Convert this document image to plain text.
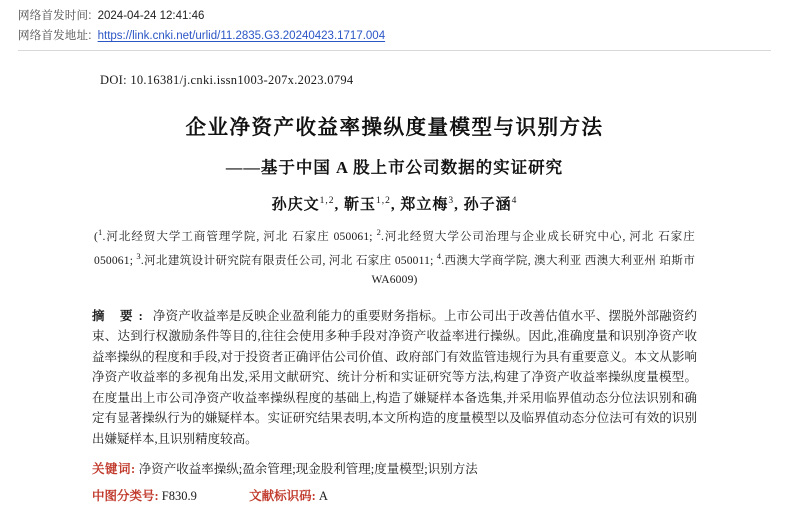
网络首发时间: 2024-04-24 12:41:46
网络首发地址: https://link.cnki.net/urlid/11.2835.G3.20240423.1717.004
DOI: 10.16381/j.cnki.issn1003-207x.2023.0794
企业净资产收益率操纵度量模型与识别方法
——基于中国 A 股上市公司数据的实证研究
孙庆文$^{1,2}$, 靳玉$^{1,2}$, 郑立梅$^3$, 孙子涵$^4$
($^1$.河北经贸大学工商管理学院, 河北 石家庄 050061; $^2$.河北经贸大学公司治理与企业成长研究中心, 河北 石家庄 050061; $^3$.河北建筑设计研究院有限责任公司, 河北 石家庄 050011; $^4$.西澳大学商学院, 澳大利亚 西澳大利亚州 珀斯市 WA6009)
摘 要: 净资产收益率是反映企业盈利能力的重要财务指标。上市公司出于改善估值水平、摆脱外部融资约束、达到行权激励条件等目的,往往会使用多种手段对净资产收益率进行操纵。因此,准确度量和识别净资产收益率操纵的程度和手段,对于投资者正确评估公司价值、政府部门有效监管违规行为具有重要意义。本文从影响净资产收益率的多视角出发,采用文献研究、统计分析和实证研究等方法,构建了净资产收益率操纵度量模型。在度量出上市公司净资产收益率操纵程度的基础上,构造了嫌疑样本备选集,并采用临界值动态分位法识别和确定有显著操纵行为的嫌疑样本。实证研究结果表明,本文所构造的度量模型以及临界值动态分位法可有效的识别出嫌疑样本,且识别精度较高。
关键词: 净资产收益率操纵;盈余管理;现金股利管理;度量模型;识别方法
中图分类号: F830.9	文献标识码: A
